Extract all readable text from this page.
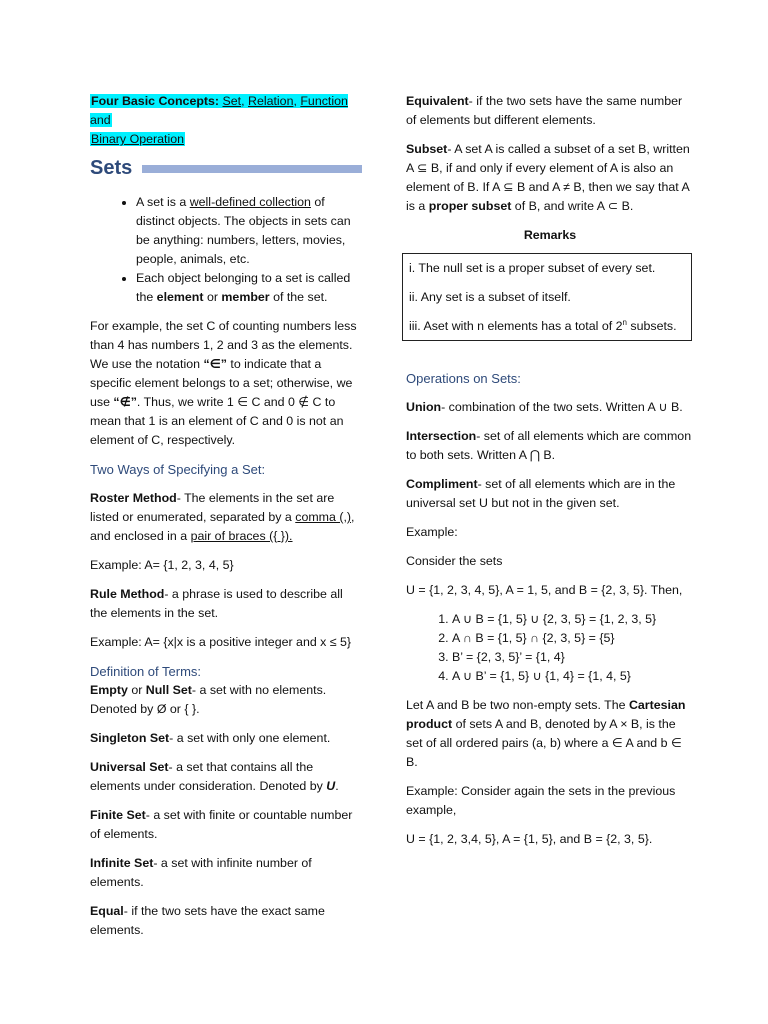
Four Basic Concepts: Set, Relation, Function and
Binary Operation

Sets
• A set is a well-defined collection of distinct objects. The objects in sets can be anything: numbers, letters, movies, people, animals, etc.
• Each object belonging to a set is called the element or member of the set.

For example, the set C of counting numbers less than 4 has numbers 1, 2 and 3 as the elements. We use the notation “∈” to indicate that a specific element belongs to a set; otherwise, we use “∉”. Thus, we write 1 ∈ C and 0 ∉ C to mean that 1 is an element of C and 0 is not an element of C, respectively.

Two Ways of Specifying a Set:

Roster Method- The elements in the set are listed or enumerated, separated by a comma (,), and enclosed in a pair of braces ({ }).

Example: A= {1, 2, 3, 4, 5}

Rule Method- a phrase is used to describe all the elements in the set.

Example: A= {x|x is a positive integer and x ≤ 5}

Definition of Terms:

Empty or Null Set- a set with no elements. Denoted by Ø or { }.

Singleton Set- a set with only one element.

Universal Set- a set that contains all the elements under consideration. Denoted by U.

Finite Set- a set with finite or countable number of elements.

Infinite Set- a set with infinite number of elements.

Equal- if the two sets have the exact same elements.

Equivalent- if the two sets have the same number of elements but different elements.

Subset- A set A is called a subset of a set B, written A ⊆ B, if and only if every element of A is also an element of B. If A ⊆ B and A ≠ B, then we say that A is a proper subset of B, and write A ⊂ B.

Remarks

i. The null set is a proper subset of every set.

ii. Any set is a subset of itself.

iii. Aset with n elements has a total of 2$^n$ subsets.

Operations on Sets:

Union- combination of the two sets. Written A ∪ B.

Intersection- set of all elements which are common to both sets. Written A ⋂ B.

Compliment- set of all elements which are in the universal set U but not in the given set.

Example:

Consider the sets

U = {1, 2, 3, 4, 5}, A = 1, 5, and B = {2, 3, 5}. Then,

1. A ∪ B = {1, 5} ∪ {2, 3, 5} = {1, 2, 3, 5}
2. A ∩ B = {1, 5} ∩ {2, 3, 5} = {5}
3. B’ = {2, 3, 5}’ = {1, 4}
4. A ∪ B’ = {1, 5} ∪ {1, 4} = {1, 4, 5}

Let A and B be two non-empty sets. The Cartesian product of sets A and B, denoted by A × B, is the set of all ordered pairs (a, b) where a ∈ A and b ∈ B.

Example: Consider again the sets in the previous example,

U = {1, 2, 3,4, 5}, A = {1, 5}, and B = {2, 3, 5}.
